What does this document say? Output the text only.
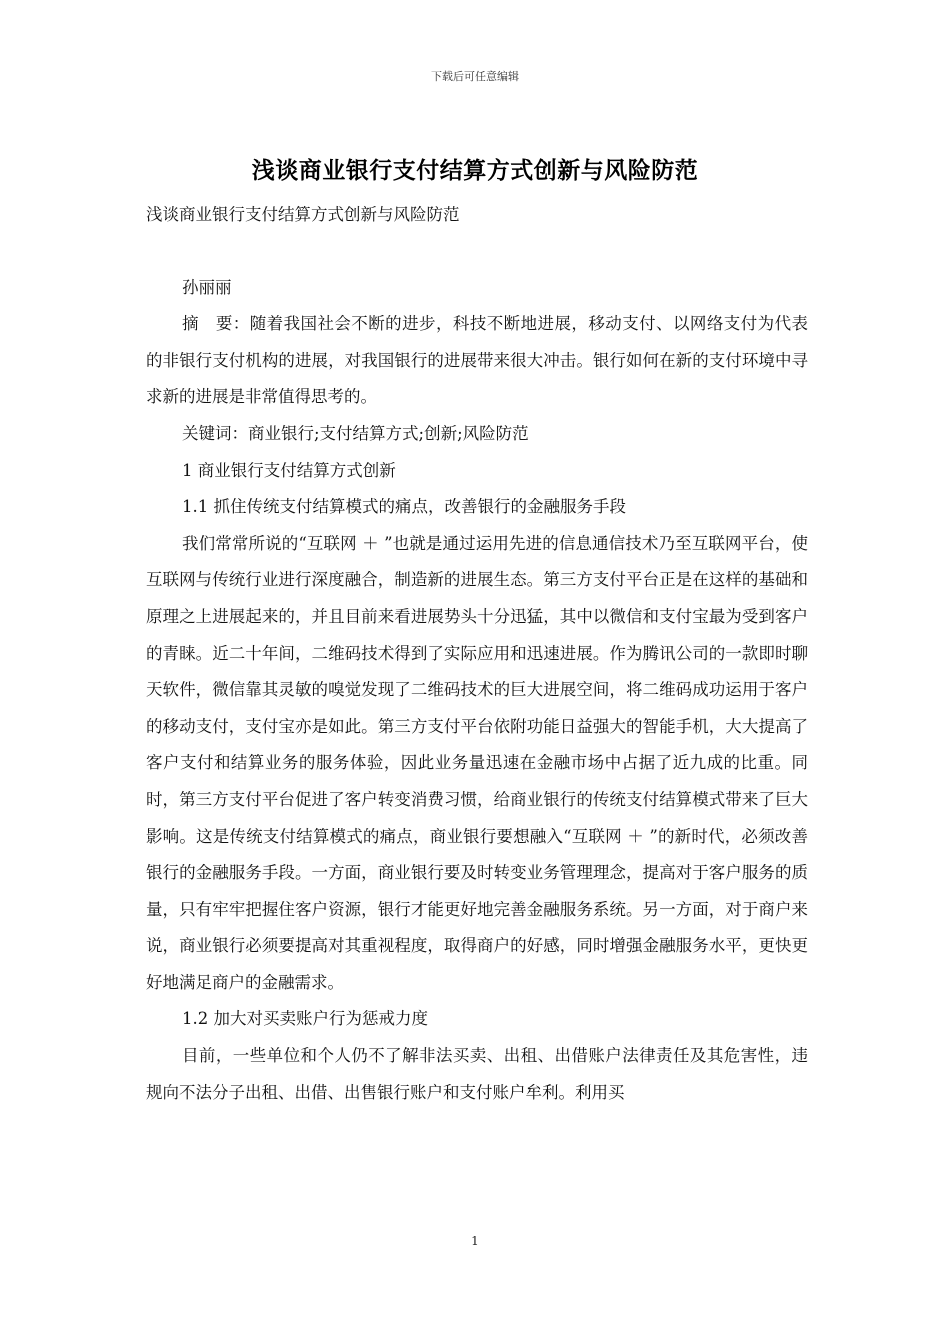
下载后可任意编辑
浅谈商业银行支付结算方式创新与风险防范

浅谈商业银行支付结算方式创新与风险防范

孙丽丽

摘　要：随着我国社会不断的进步，科技不断地进展，移动支付、以网络支付为代表的非银行支付机构的进展，对我国银行的进展带来很大冲击。银行如何在新的支付环境中寻求新的进展是非常值得思考的。

关键词：商业银行;支付结算方式;创新;风险防范

1 商业银行支付结算方式创新

1.1 抓住传统支付结算模式的痛点，改善银行的金融服务手段

我们常常所说的“互联网 ＋ ”也就是通过运用先进的信息通信技术乃至互联网平台，使互联网与传统行业进行深度融合，制造新的进展生态。第三方支付平台正是在这样的基础和原理之上进展起来的，并且目前来看进展势头十分迅猛，其中以微信和支付宝最为受到客户的青睐。近二十年间，二维码技术得到了实际应用和迅速进展。作为腾讯公司的一款即时聊天软件，微信靠其灵敏的嗅觉发现了二维码技术的巨大进展空间，将二维码成功运用于客户的移动支付，支付宝亦是如此。第三方支付平台依附功能日益强大的智能手机，大大提高了客户支付和结算业务的服务体验，因此业务量迅速在金融市场中占据了近九成的比重。同时，第三方支付平台促进了客户转变消费习惯，给商业银行的传统支付结算模式带来了巨大影响。这是传统支付结算模式的痛点，商业银行要想融入“互联网 ＋ ”的新时代，必须改善银行的金融服务手段。一方面，商业银行要及时转变业务管理理念，提高对于客户服务的质量，只有牢牢把握住客户资源，银行才能更好地完善金融服务系统。另一方面，对于商户来说，商业银行必须要提高对其重视程度，取得商户的好感，同时增强金融服务水平，更快更好地满足商户的金融需求。

1.2 加大对买卖账户行为惩戒力度

目前，一些单位和个人仍不了解非法买卖、出租、出借账户法律责任及其危害性，违规向不法分子出租、出借、出售银行账户和支付账户牟利。利用买

1
